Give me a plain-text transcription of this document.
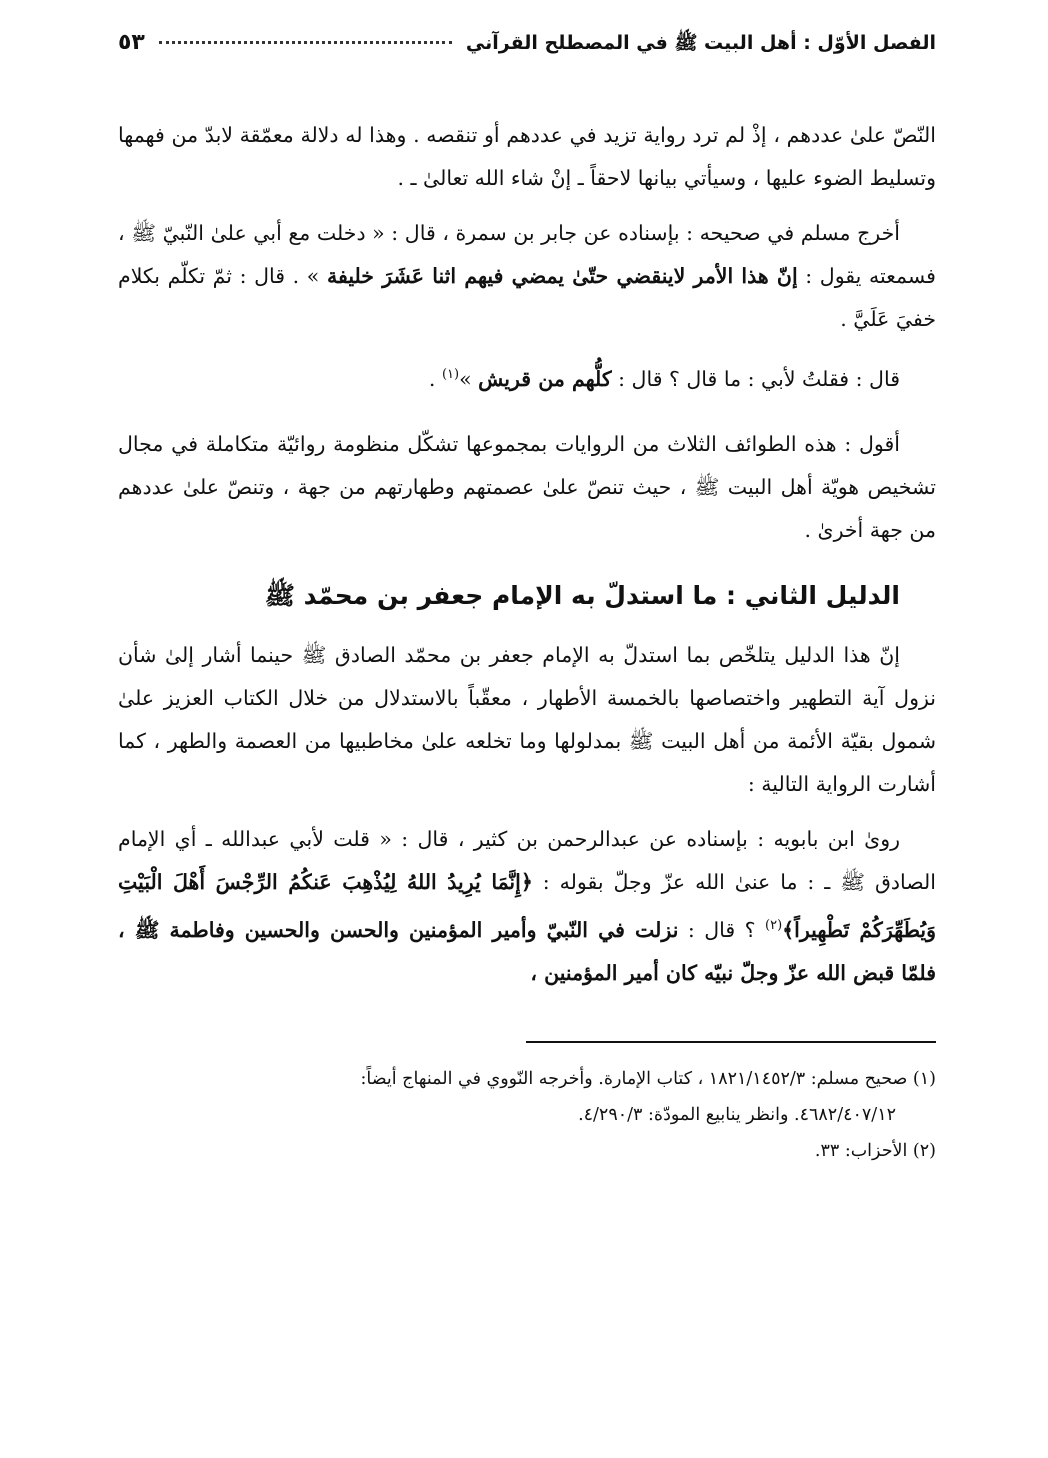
الفصل الأوّل : أهل البيت ﷺ في المصطلح القرآني
٥٣

النّصّ علىٰ عددهم ، إذْ لم ترد رواية تزيد في عددهم أو تنقصه . وهذا له دلالة معمّقة لابدّ من فهمها وتسليط الضوء عليها ، وسيأتي بيانها لاحقاً ـ إنْ شاء الله تعالىٰ ـ .

أخرج مسلم في صحيحه : بإسناده عن جابر بن سمرة ، قال : « دخلت مع أبي علىٰ النّبيّ ﷺ ، فسمعته يقول : إنّ هذا الأمر لاينقضي حتّىٰ يمضي فيهم اثنا عَشَرَ خليفة » . قال : ثمّ تكلّم بكلام خفيَ عَلَيَّ .

قال : فقلتُ لأبي : ما قال ؟ قال : كلُّهم من قريش »$^{(١)}$ .

أقول : هذه الطوائف الثلاث من الروايات بمجموعها تشكّل منظومة روائيّة متكاملة في مجال تشخيص هويّة أهل البيت ﷺ ، حيث تنصّ علىٰ عصمتهم وطهارتهم من جهة ، وتنصّ علىٰ عددهم من جهة أخرىٰ .

الدليل الثاني : ما استدلّ به الإمام جعفر بن محمّد ﷺ

إنّ هذا الدليل يتلخّص بما استدلّ به الإمام جعفر بن محمّد الصادق ﷺ حينما أشار إلىٰ شأن نزول آية التطهير واختصاصها بالخمسة الأطهار ، معقّباً بالاستدلال من خلال الكتاب العزيز علىٰ شمول بقيّة الأئمة من أهل البيت ﷺ بمدلولها وما تخلعه علىٰ مخاطبيها من العصمة والطهر ، كما أشارت الرواية التالية :

روىٰ ابن بابويه : بإسناده عن عبدالرحمن بن كثير ، قال : « قلت لأبي عبدالله ـ أي الإمام الصادق ﷺ ـ : ما عنىٰ الله عزّ وجلّ بقوله : ﴿إِنَّمَا يُرِيدُ اللهُ لِيُذْهِبَ عَنكُمُ الرِّجْسَ أَهْلَ الْبَيْتِ وَيُطَهِّرَكُمْ تَطْهِيراً﴾$^{(٢)}$ ؟ قال : نزلت في النّبيّ وأمير المؤمنين والحسن والحسين وفاطمة ﷺ ، فلمّا قبض الله عزّ وجلّ نبيّه كان أمير المؤمنين ،

(١) صحيح مسلم: ١٨٢١/١٤٥٢/٣ ، كتاب الإمارة. وأخرجه النّووي في المنهاج أيضاً:

٤٦٨٢/٤٠٧/١٢. وانظر ينابيع المودّة: ٤/٢٩٠/٣.

(٢) الأحزاب: ٣٣.
